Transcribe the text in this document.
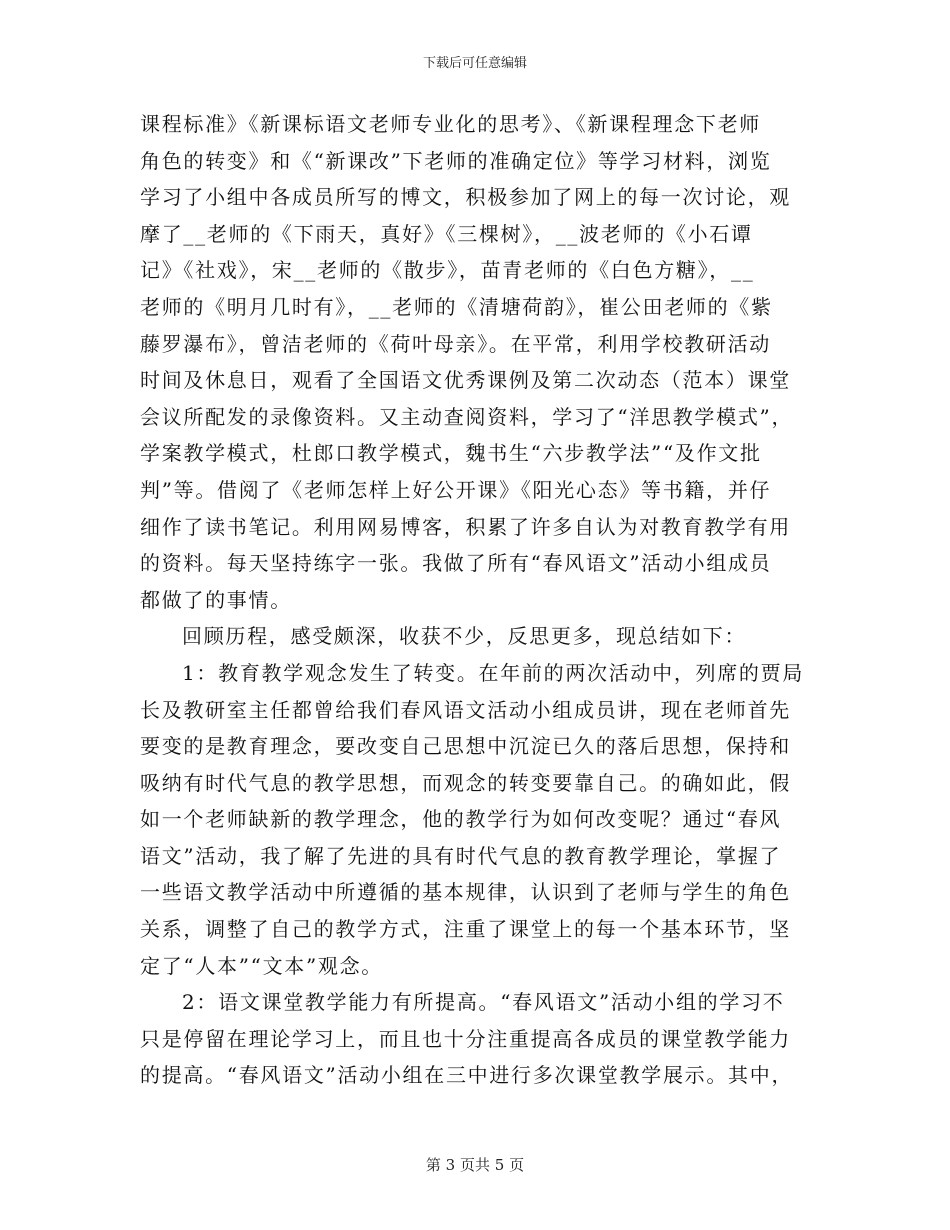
下载后可任意编辑
课程标准》《新课标语文老师专业化的思考》、《新课程理念下老师
角色的转变》和《“新课改”下老师的准确定位》等学习材料，浏览
学习了小组中各成员所写的博文，积极参加了网上的每一次讨论，观
摩了__老师的《下雨天，真好》《三棵树》，__波老师的《小石谭
记》《社戏》，宋__老师的《散步》，苗青老师的《白色方糖》，__
老师的《明月几时有》，__老师的《清塘荷韵》，崔公田老师的《紫
藤罗瀑布》，曾洁老师的《荷叶母亲》。在平常，利用学校教研活动
时间及休息日，观看了全国语文优秀课例及第二次动态（范本）课堂
会议所配发的录像资料。又主动查阅资料，学习了“洋思教学模式”，
学案教学模式，杜郎口教学模式，魏书生“六步教学法”“及作文批
判”等。借阅了《老师怎样上好公开课》《阳光心态》等书籍，并仔
细作了读书笔记。利用网易博客，积累了许多自认为对教育教学有用
的资料。每天坚持练字一张。我做了所有“春风语文”活动小组成员
都做了的事情。
回顾历程，感受颇深，收获不少，反思更多，现总结如下：
1：教育教学观念发生了转变。在年前的两次活动中，列席的贾局
长及教研室主任都曾给我们春风语文活动小组成员讲，现在老师首先
要变的是教育理念，要改变自己思想中沉淀已久的落后思想，保持和
吸纳有时代气息的教学思想，而观念的转变要靠自己。的确如此，假
如一个老师缺新的教学理念，他的教学行为如何改变呢？通过“春风
语文”活动，我了解了先进的具有时代气息的教育教学理论，掌握了
一些语文教学活动中所遵循的基本规律，认识到了老师与学生的角色
关系，调整了自己的教学方式，注重了课堂上的每一个基本环节，坚
定了“人本”“文本”观念。
2：语文课堂教学能力有所提高。“春风语文”活动小组的学习不
只是停留在理论学习上，而且也十分注重提高各成员的课堂教学能力
的提高。“春风语文”活动小组在三中进行多次课堂教学展示。其中，
第 3 页共 5 页
